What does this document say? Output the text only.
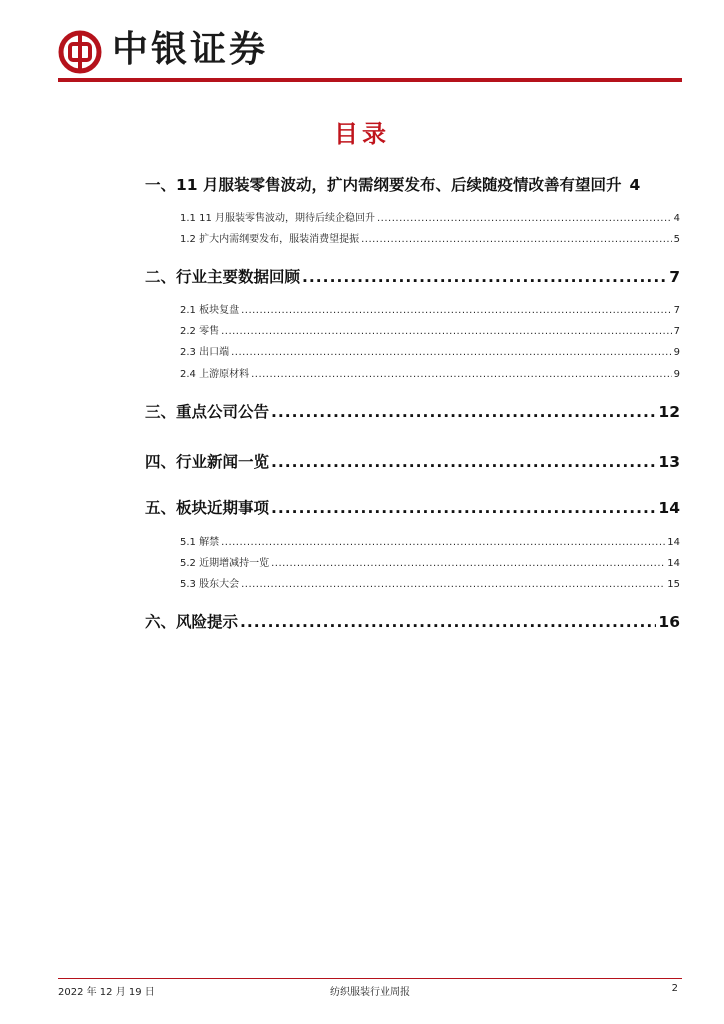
中银证券
目录
一、11 月服装零售波动，扩内需纲要发布、后续随疫情改善有望回升 4
1.1 11 月服装零售波动，期待后续企稳回升 .....	4
1.2 扩大内需纲要发布，服装消费望提振 .....	5
二、行业主要数据回顾 .....	7
2.1 板块复盘 .....	7
2.2 零售 .....	7
2.3 出口端 .....	9
2.4 上游原材料 .....	9
三、重点公司公告 .....	12
四、行业新闻一览 .....	13
五、板块近期事项 .....	14
5.1 解禁 .....	14
5.2 近期增减持一览 .....	14
5.3 股东大会 .....	15
六、风险提示 .....	16
2022 年 12 月 19 日	纺织服装行业周报	2
